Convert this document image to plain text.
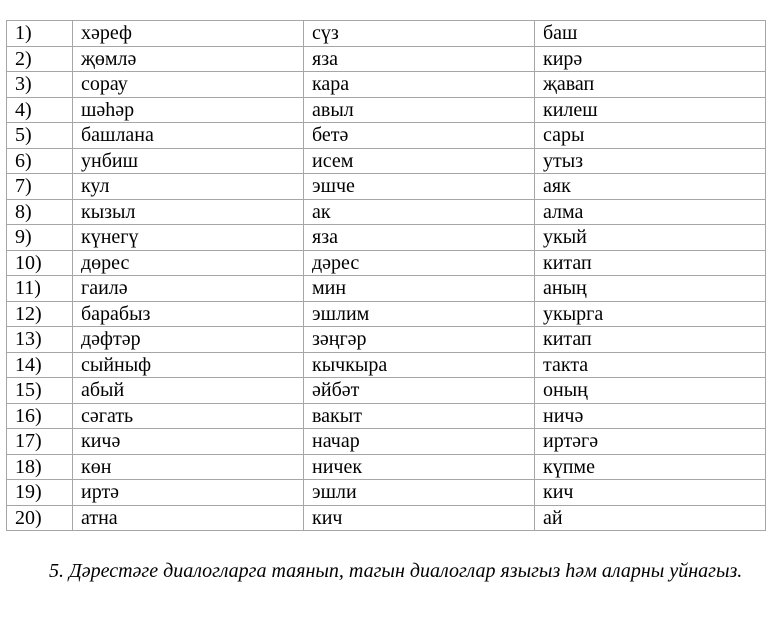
1)	хәреф	сүз	баш
2)	җөмлә	яза	кирә
3)	сорау	кара	җавап
4)	шәһәр	авыл	килеш
5)	башлана	бетә	сары
6)	унбиш	исем	утыз
7)	кул	эшче	аяк
8)	кызыл	ак	алма
9)	күнегү	яза	укый
10)	дөрес	дәрес	китап
11)	гаилә	мин	аның
12)	барабыз	эшлим	укырга
13)	дәфтәр	зәңгәр	китап
14)	сыйныф	кычкыра	такта
15)	абый	әйбәт	оның
16)	сәгать	вакыт	ничә
17)	кичә	начар	иртәгә
18)	көн	ничек	күпме
19)	иртә	эшли	кич
20)	атна	кич	ай

5. Дәрестәге диалогларга таянып, тагын диалоглар языгыз һәм аларны уйнагыз.
